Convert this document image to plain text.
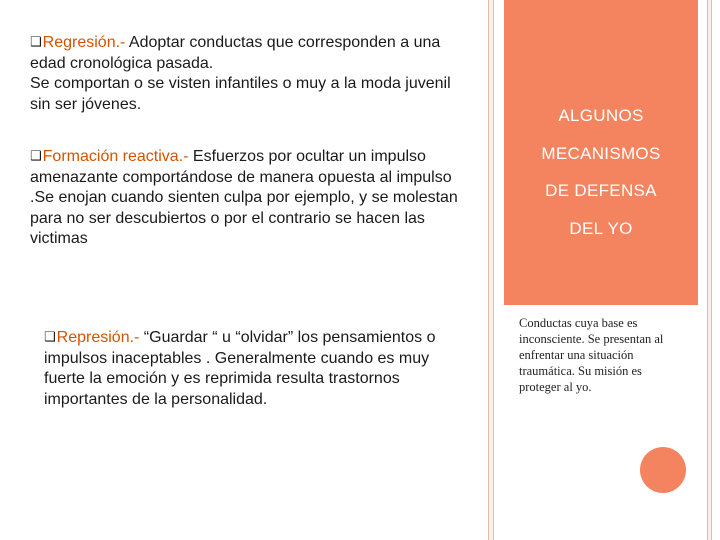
❑Regresión.- Adoptar conductas que corresponden a una edad cronológica pasada.
Se comportan o se visten infantiles o muy a la moda juvenil sin ser jóvenes.
❑Formación reactiva.- Esfuerzos por ocultar un impulso amenazante comportándose de manera opuesta al impulso .Se enojan cuando sienten culpa por ejemplo, y se molestan para no ser descubiertos o por el contrario se hacen las victimas
❑Represión.- “Guardar “ u “olvidar” los pensamientos o impulsos inaceptables . Generalmente cuando es muy fuerte la emoción y es reprimida resulta trastornos importantes de la personalidad.
ALGUNOS
MECANISMOS
DE DEFENSA
DEL YO
Conductas cuya base es inconsciente. Se presentan al enfrentar una situación traumática. Su misión es proteger al yo.
